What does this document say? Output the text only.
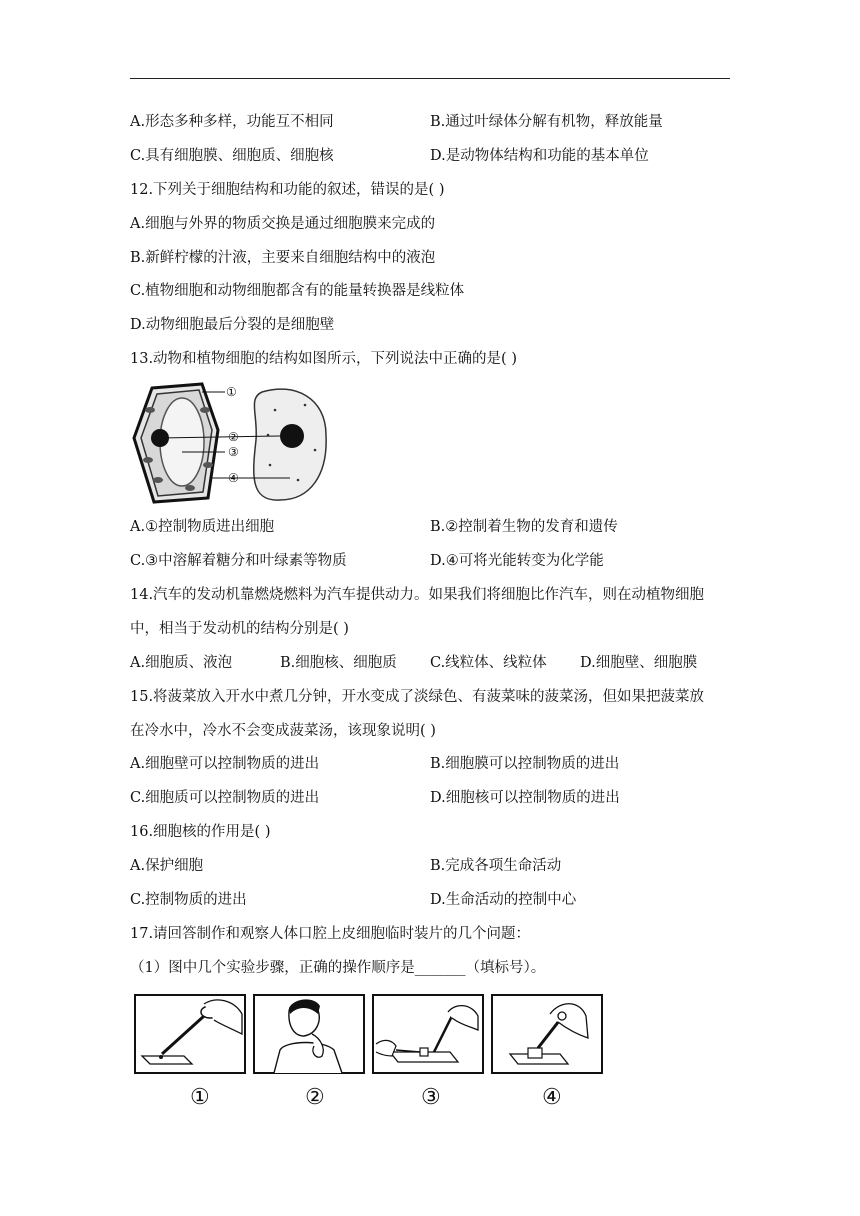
A.形态多种多样，功能互不相同	B.通过叶绿体分解有机物，释放能量
C.具有细胞膜、细胞质、细胞核	D.是动物体结构和功能的基本单位
12.下列关于细胞结构和功能的叙述，错误的是( )
A.细胞与外界的物质交换是通过细胞膜来完成的
B.新鲜柠檬的汁液，主要来自细胞结构中的液泡
C.植物细胞和动物细胞都含有的能量转换器是线粒体
D.动物细胞最后分裂的是细胞壁
13.动物和植物细胞的结构如图所示，下列说法中正确的是( )
①
②
③
④
A.①控制物质进出细胞	B.②控制着生物的发育和遗传
C.③中溶解着糖分和叶绿素等物质	D.④可将光能转变为化学能
14.汽车的发动机靠燃烧燃料为汽车提供动力。如果我们将细胞比作汽车，则在动植物细胞
中，相当于发动机的结构分别是( )
A.细胞质、液泡	B.细胞核、细胞质 C.线粒体、线粒体 D.细胞壁、细胞膜
15.将菠菜放入开水中煮几分钟，开水变成了淡绿色、有菠菜味的菠菜汤，但如果把菠菜放
在冷水中，冷水不会变成菠菜汤，该现象说明( )
A.细胞壁可以控制物质的进出	B.细胞膜可以控制物质的进出
C.细胞质可以控制物质的进出	D.细胞核可以控制物质的进出
16.细胞核的作用是( )
A.保护细胞	B.完成各项生命活动
C.控制物质的进出	D.生命活动的控制中心
17.请回答制作和观察人体口腔上皮细胞临时装片的几个问题：
（1）图中几个实验步骤，正确的操作顺序是_______（填标号）。
①	②	③	④
